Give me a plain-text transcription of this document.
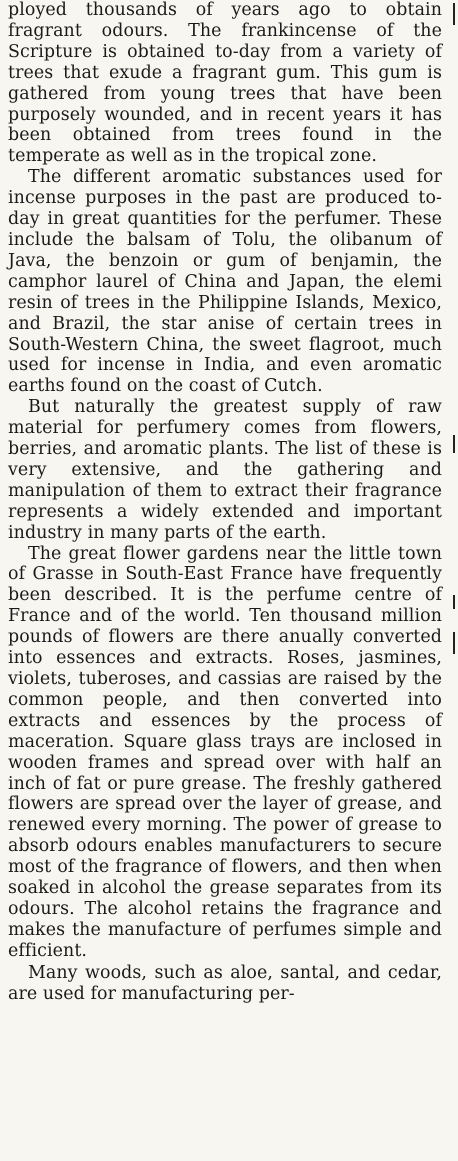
ployed thousands of years ago to obtain fragrant odours. The frankincense of the Scripture is obtained to-day from a variety of trees that exude a fragrant gum. This gum is gathered from young trees that have been purposely wounded, and in recent years it has been obtained from trees found in the temperate as well as in the tropical zone.

The different aromatic substances used for incense purposes in the past are produced to-day in great quantities for the perfumer. These include the balsam of Tolu, the olibanum of Java, the benzoin or gum of benjamin, the camphor laurel of China and Japan, the elemi resin of trees in the Philippine Islands, Mexico, and Brazil, the star anise of certain trees in South-Western China, the sweet flagroot, much used for incense in India, and even aromatic earths found on the coast of Cutch.

But naturally the greatest supply of raw material for perfumery comes from flowers, berries, and aromatic plants. The list of these is very extensive, and the gathering and manipulation of them to extract their fragrance represents a widely extended and important industry in many parts of the earth.

The great flower gardens near the little town of Grasse in South-East France have frequently been described. It is the perfume centre of France and of the world. Ten thousand million pounds of flowers are there anually converted into essences and extracts. Roses, jasmines, violets, tuberoses, and cassias are raised by the common people, and then converted into extracts and essences by the process of maceration. Square glass trays are inclosed in wooden frames and spread over with half an inch of fat or pure grease. The freshly gathered flowers are spread over the layer of grease, and renewed every morning. The power of grease to absorb odours enables manufacturers to secure most of the fragrance of flowers, and then when soaked in alcohol the grease separates from its odours. The alcohol retains the fragrance and makes the manufacture of perfumes simple and efficient.

Many woods, such as aloe, santal, and cedar, are used for manufacturing per-
